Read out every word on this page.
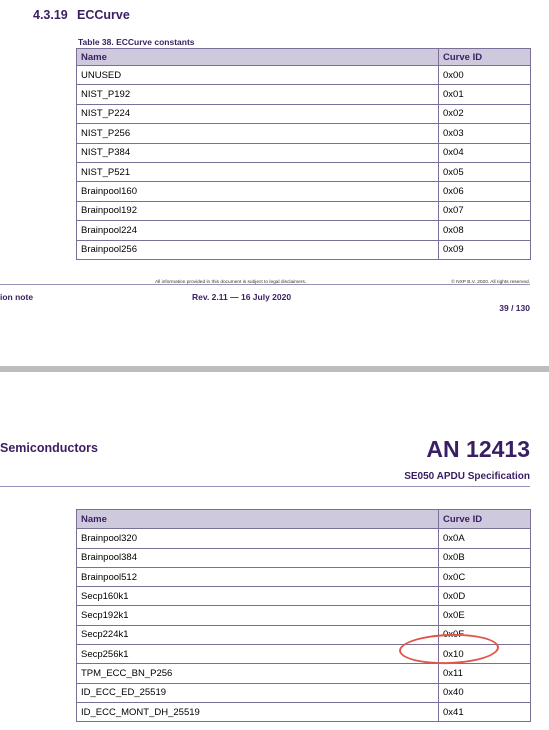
4.3.19 ECCurve
Table 38. ECCurve constants
Name	Curve ID
UNUSED	0x00
NIST_P192	0x01
NIST_P224	0x02
NIST_P256	0x03
NIST_P384	0x04
NIST_P521	0x05
Brainpool160	0x06
Brainpool192	0x07
Brainpool224	0x08
Brainpool256	0x09
All information provided in this document is subject to legal disclaimers.	© NXP B.V. 2020. All rights reserved.
ion note	Rev. 2.11 — 16 July 2020
39 / 130
Semiconductors	AN 12413
SE050 APDU Specification
Name	Curve ID
Brainpool320	0x0A
Brainpool384	0x0B
Brainpool512	0x0C
Secp160k1	0x0D
Secp192k1	0x0E
Secp224k1	0x0F
Secp256k1	0x10
TPM_ECC_BN_P256	0x11
ID_ECC_ED_25519	0x40
ID_ECC_MONT_DH_25519	0x41
